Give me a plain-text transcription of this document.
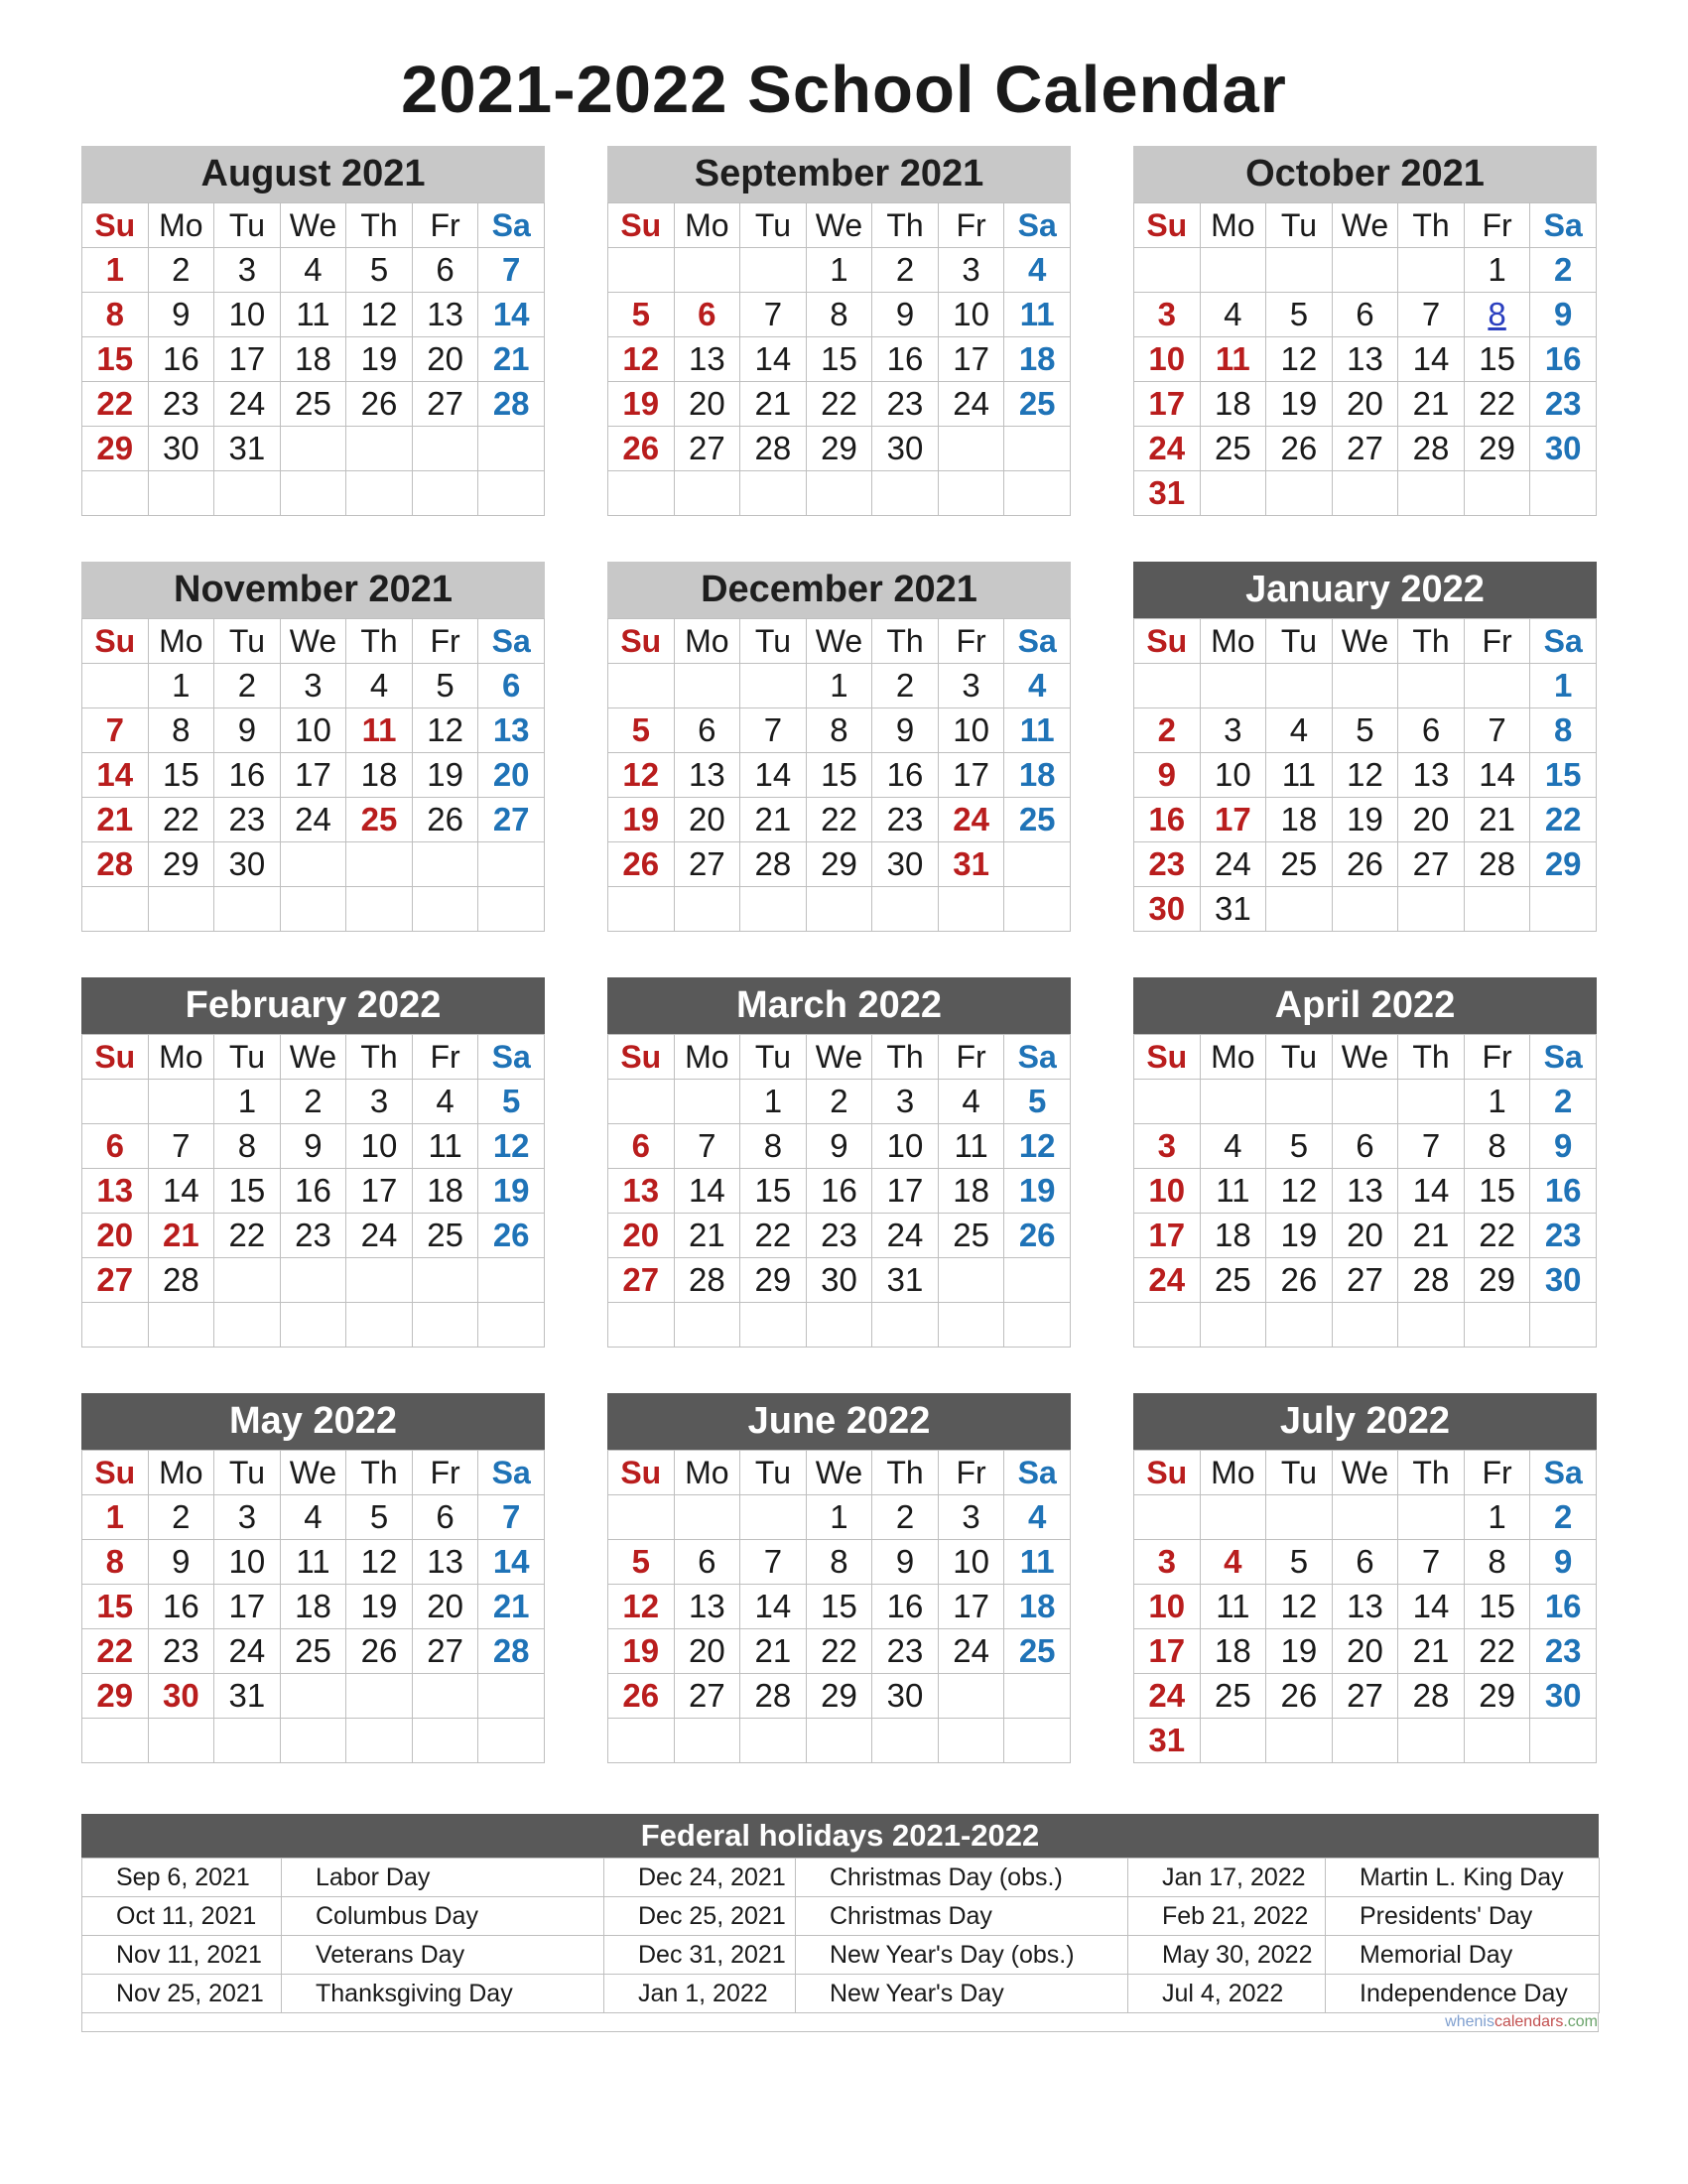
2021-2022 School Calendar
August 2021
Su	Mo	Tu	We	Th	Fr	Sa
1	2	3	4	5	6	7
8	9	10	11	12	13	14
15	16	17	18	19	20	21
22	23	24	25	26	27	28
29	30	31				

September 2021
Su	Mo	Tu	We	Th	Fr	Sa
			1	2	3	4
5	6	7	8	9	10	11
12	13	14	15	16	17	18
19	20	21	22	23	24	25
26	27	28	29	30		

October 2021
Su	Mo	Tu	We	Th	Fr	Sa
					1	2
3	4	5	6	7	8	9
10	11	12	13	14	15	16
17	18	19	20	21	22	23
24	25	26	27	28	29	30
31						
November 2021
Su	Mo	Tu	We	Th	Fr	Sa
	1	2	3	4	5	6
7	8	9	10	11	12	13
14	15	16	17	18	19	20
21	22	23	24	25	26	27
28	29	30				

December 2021
Su	Mo	Tu	We	Th	Fr	Sa
			1	2	3	4
5	6	7	8	9	10	11
12	13	14	15	16	17	18
19	20	21	22	23	24	25
26	27	28	29	30	31	

January 2022
Su	Mo	Tu	We	Th	Fr	Sa
						1
2	3	4	5	6	7	8
9	10	11	12	13	14	15
16	17	18	19	20	21	22
23	24	25	26	27	28	29
30	31					
February 2022
Su	Mo	Tu	We	Th	Fr	Sa
		1	2	3	4	5
6	7	8	9	10	11	12
13	14	15	16	17	18	19
20	21	22	23	24	25	26
27	28					

March 2022
Su	Mo	Tu	We	Th	Fr	Sa
		1	2	3	4	5
6	7	8	9	10	11	12
13	14	15	16	17	18	19
20	21	22	23	24	25	26
27	28	29	30	31		

April 2022
Su	Mo	Tu	We	Th	Fr	Sa
					1	2
3	4	5	6	7	8	9
10	11	12	13	14	15	16
17	18	19	20	21	22	23
24	25	26	27	28	29	30

May 2022
Su	Mo	Tu	We	Th	Fr	Sa
1	2	3	4	5	6	7
8	9	10	11	12	13	14
15	16	17	18	19	20	21
22	23	24	25	26	27	28
29	30	31				

June 2022
Su	Mo	Tu	We	Th	Fr	Sa
			1	2	3	4
5	6	7	8	9	10	11
12	13	14	15	16	17	18
19	20	21	22	23	24	25
26	27	28	29	30		

July 2022
Su	Mo	Tu	We	Th	Fr	Sa
					1	2
3	4	5	6	7	8	9
10	11	12	13	14	15	16
17	18	19	20	21	22	23
24	25	26	27	28	29	30
31						
Federal holidays 2021-2022
Sep 6, 2021	Labor Day	Dec 24, 2021	Christmas Day (obs.)	Jan 17, 2022	Martin L. King Day
Oct 11, 2021	Columbus Day	Dec 25, 2021	Christmas Day	Feb 21, 2022	Presidents' Day
Nov 11, 2021	Veterans Day	Dec 31, 2021	New Year's Day (obs.)	May 30, 2022	Memorial Day
Nov 25, 2021	Thanksgiving Day	Jan 1, 2022	New Year's Day	Jul 4, 2022	Independence Day
wheniscalendars.com
